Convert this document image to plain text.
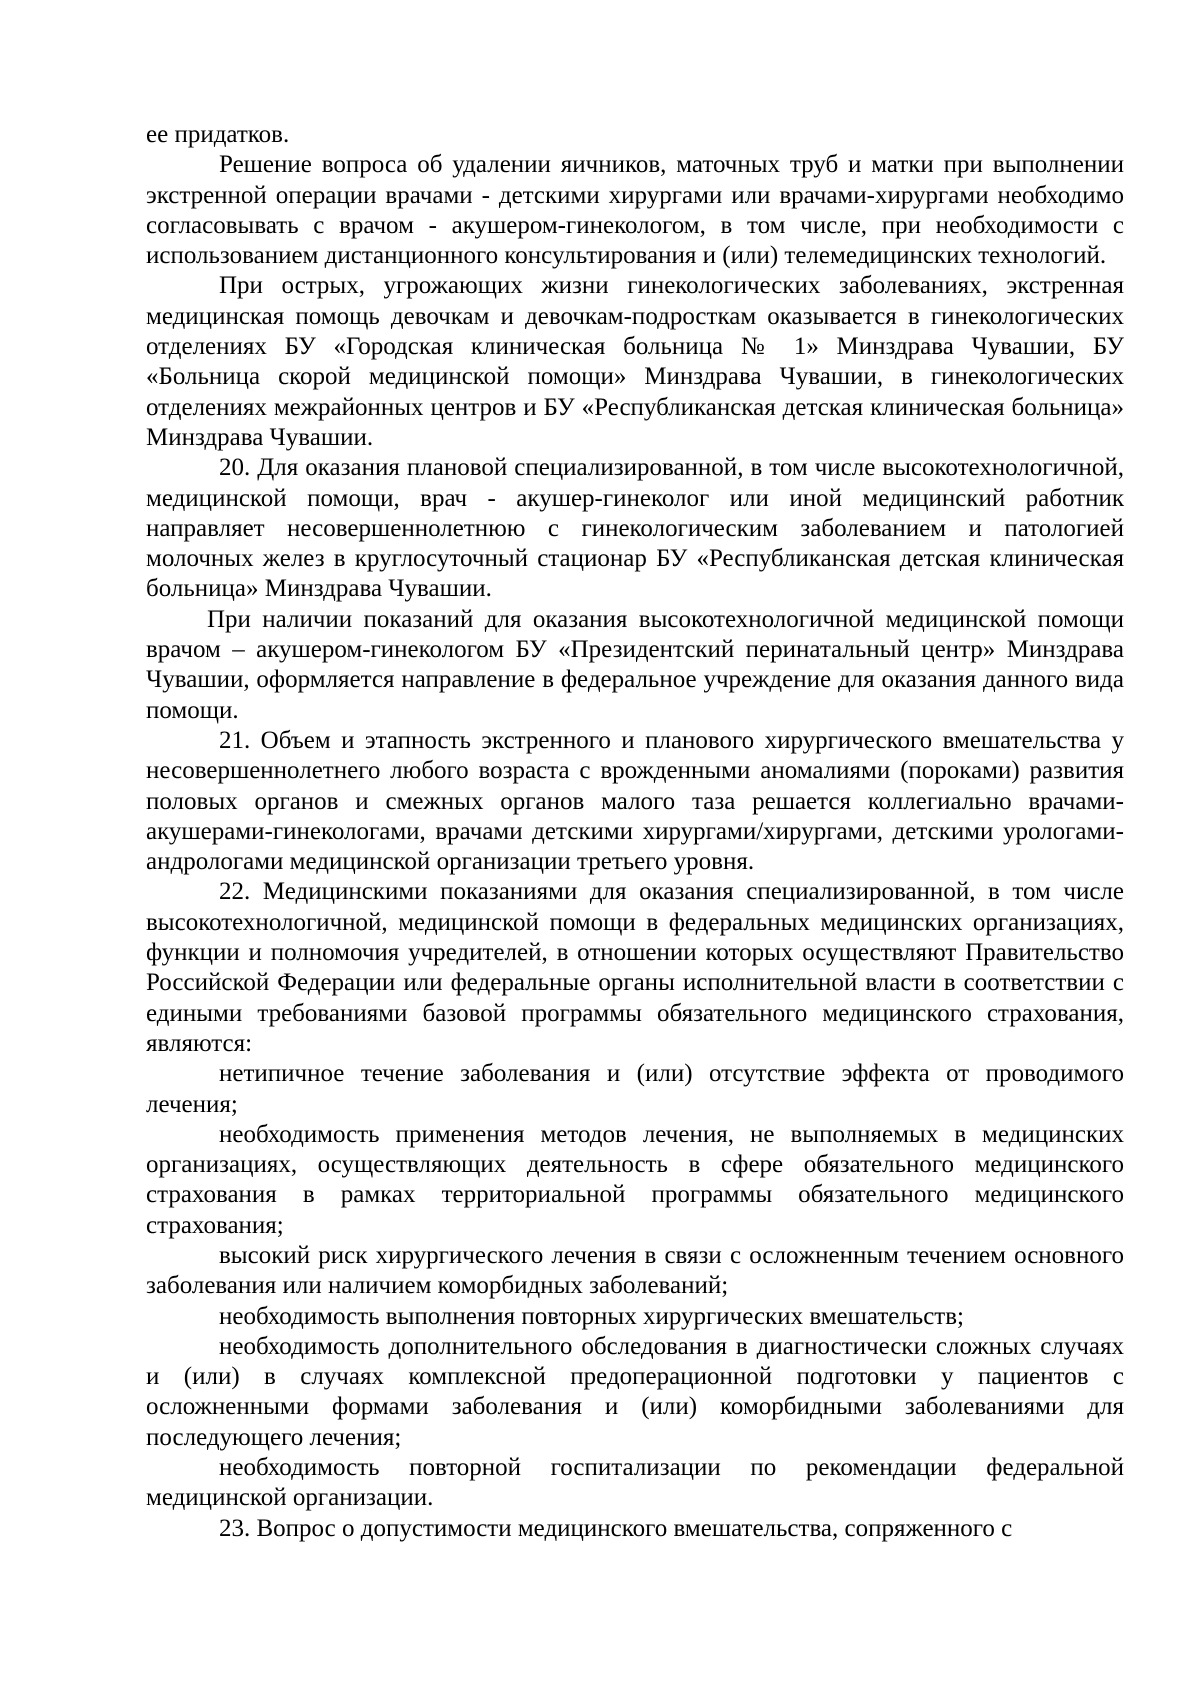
ее придатков.

Решение вопроса об удалении яичников, маточных труб и матки при выполнении экстренной операции врачами - детскими хирургами или врачами-хирургами необходимо согласовывать с врачом - акушером-гинекологом, в том числе, при необходимости с использованием дистанционного консультирования и (или) телемедицинских технологий.

При острых, угрожающих жизни гинекологических заболеваниях, экстренная медицинская помощь девочкам и девочкам-подросткам оказывается в гинекологических отделениях БУ «Городская клиническая больница № 1» Минздрава Чувашии, БУ «Больница скорой медицинской помощи» Минздрава Чувашии, в гинекологических отделениях межрайонных центров и БУ «Республиканская детская клиническая больница» Минздрава Чувашии.

20. Для оказания плановой специализированной, в том числе высокотехнологичной, медицинской помощи, врач - акушер-гинеколог или иной медицинский работник направляет несовершеннолетнюю с гинекологическим заболеванием и патологией молочных желез в круглосуточный стационар БУ «Республиканская детская клиническая больница» Минздрава Чувашии.

При наличии показаний для оказания высокотехнологичной медицинской помощи врачом – акушером-гинекологом БУ «Президентский перинатальный центр» Минздрава Чувашии, оформляется направление в федеральное учреждение для оказания данного вида помощи.

21. Объем и этапность экстренного и планового хирургического вмешательства у несовершеннолетнего любого возраста с врожденными аномалиями (пороками) развития половых органов и смежных органов малого таза решается коллегиально врачами-акушерами-гинекологами, врачами детскими хирургами/хирургами, детскими урологами-андрологами медицинской организации третьего уровня.

22. Медицинскими показаниями для оказания специализированной, в том числе высокотехнологичной, медицинской помощи в федеральных медицинских организациях, функции и полномочия учредителей, в отношении которых осуществляют Правительство Российской Федерации или федеральные органы исполнительной власти в соответствии с едиными требованиями базовой программы обязательного медицинского страхования, являются:

нетипичное течение заболевания и (или) отсутствие эффекта от проводимого лечения;

необходимость применения методов лечения, не выполняемых в медицинских организациях, осуществляющих деятельность в сфере обязательного медицинского страхования в рамках территориальной программы обязательного медицинского страхования;

высокий риск хирургического лечения в связи с осложненным течением основного заболевания или наличием коморбидных заболеваний;

необходимость выполнения повторных хирургических вмешательств;

необходимость дополнительного обследования в диагностически сложных случаях и (или) в случаях комплексной предоперационной подготовки у пациентов с осложненными формами заболевания и (или) коморбидными заболеваниями для последующего лечения;

необходимость повторной госпитализации по рекомендации федеральной медицинской организации.

23. Вопрос о допустимости медицинского вмешательства, сопряженного с
